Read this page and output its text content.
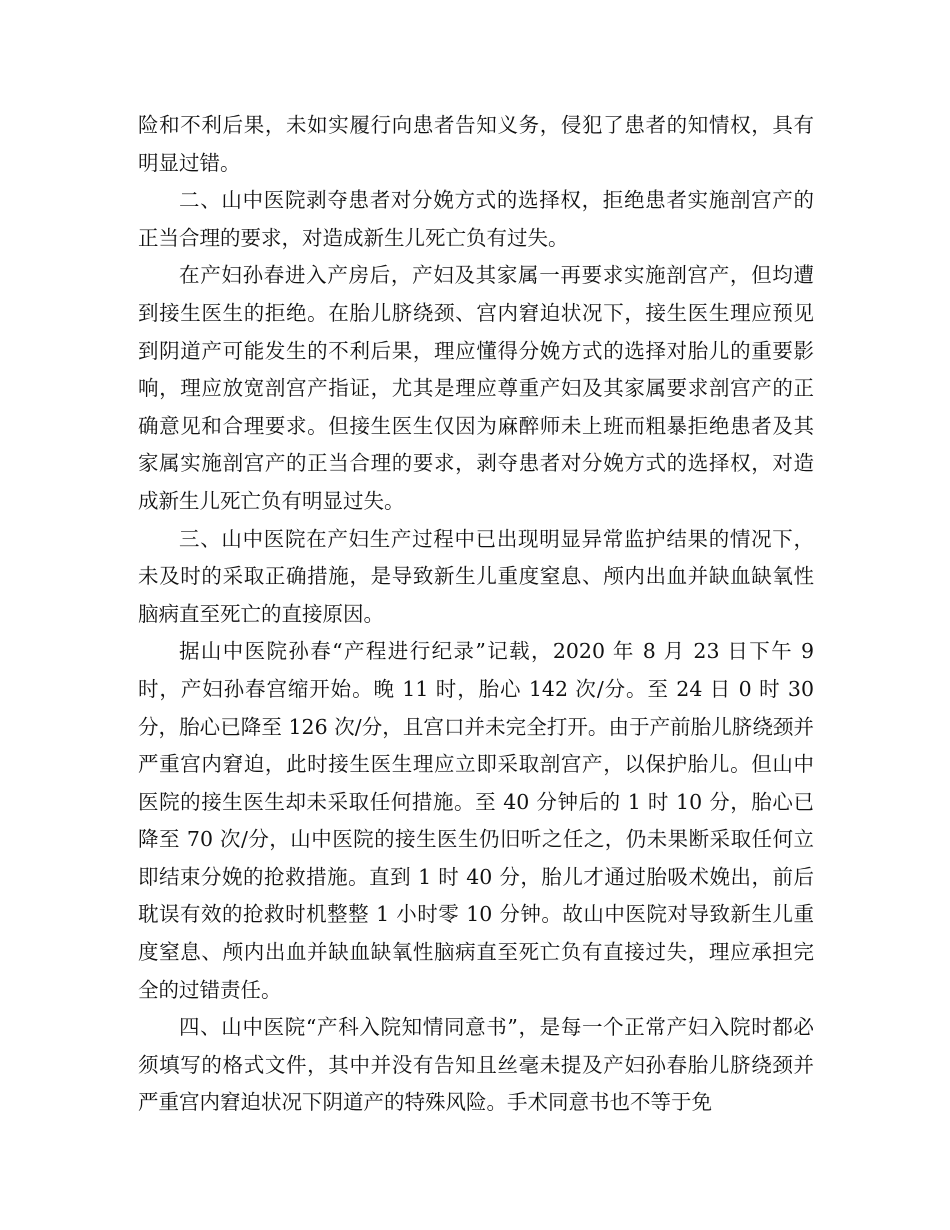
险和不利后果，未如实履行向患者告知义务，侵犯了患者的知情权，具有明显过错。

二、山中医院剥夺患者对分娩方式的选择权，拒绝患者实施剖宫产的正当合理的要求，对造成新生儿死亡负有过失。

在产妇孙春进入产房后，产妇及其家属一再要求实施剖宫产，但均遭到接生医生的拒绝。在胎儿脐绕颈、宫内窘迫状况下，接生医生理应预见到阴道产可能发生的不利后果，理应懂得分娩方式的选择对胎儿的重要影响，理应放宽剖宫产指证，尤其是理应尊重产妇及其家属要求剖宫产的正确意见和合理要求。但接生医生仅因为麻醉师未上班而粗暴拒绝患者及其家属实施剖宫产的正当合理的要求，剥夺患者对分娩方式的选择权，对造成新生儿死亡负有明显过失。

三、山中医院在产妇生产过程中已出现明显异常监护结果的情况下，未及时的采取正确措施，是导致新生儿重度窒息、颅内出血并缺血缺氧性脑病直至死亡的直接原因。

据山中医院孙春“产程进行纪录”记载，2020 年 8 月 23 日下午 9 时，产妇孙春宫缩开始。晚 11 时，胎心 142 次/分。至 24 日 0 时 30 分，胎心已降至 126 次/分，且宫口并未完全打开。由于产前胎儿脐绕颈并严重宫内窘迫，此时接生医生理应立即采取剖宫产，以保护胎儿。但山中医院的接生医生却未采取任何措施。至 40 分钟后的 1 时 10 分，胎心已降至 70 次/分，山中医院的接生医生仍旧听之任之，仍未果断采取任何立即结束分娩的抢救措施。直到 1 时 40 分，胎儿才通过胎吸术娩出，前后耽误有效的抢救时机整整 1 小时零 10 分钟。故山中医院对导致新生儿重度窒息、颅内出血并缺血缺氧性脑病直至死亡负有直接过失，理应承担完全的过错责任。

四、山中医院“产科入院知情同意书”，是每一个正常产妇入院时都必须填写的格式文件，其中并没有告知且丝毫未提及产妇孙春胎儿脐绕颈并严重宫内窘迫状况下阴道产的特殊风险。手术同意书也不等于免
